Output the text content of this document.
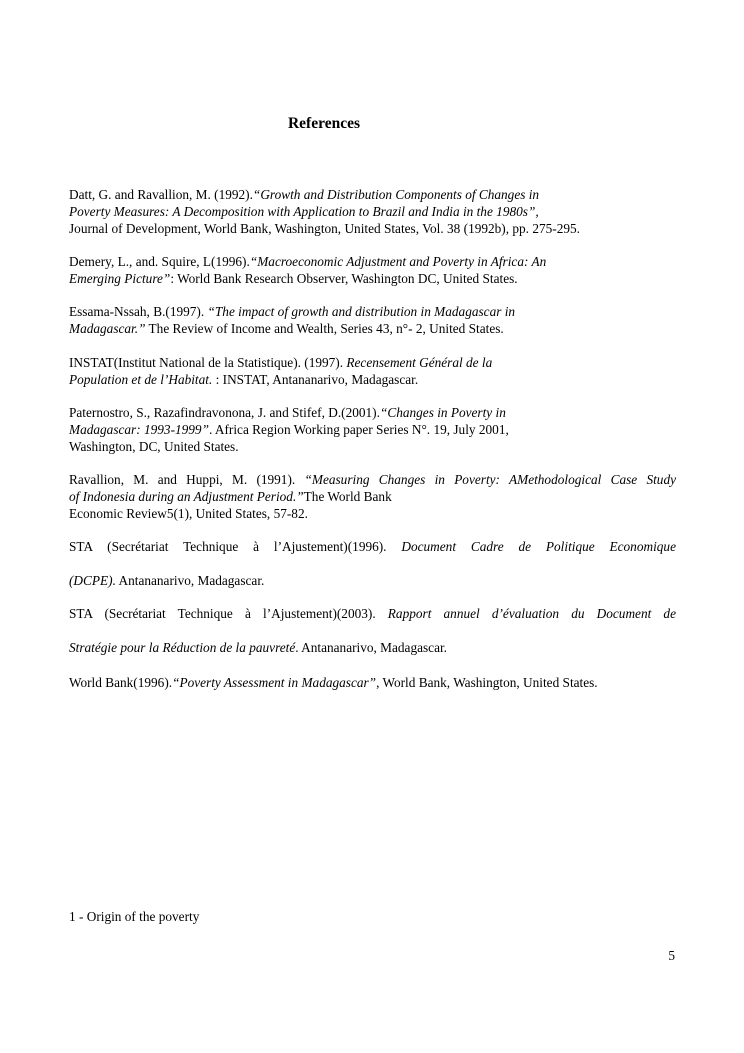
References
Datt, G. and Ravallion, M. (1992).“Growth and Distribution Components of Changes in
Poverty Measures: A Decomposition with Application to Brazil and India in the 1980s”,
Journal of Development, World Bank, Washington, United States, Vol. 38 (1992b), pp. 275-295.
Demery, L., and. Squire, L(1996).“Macroeconomic Adjustment and Poverty in Africa: An
Emerging Picture”: World Bank Research Observer, Washington DC, United States.
Essama-Nssah, B.(1997). “The impact of growth and distribution in Madagascar in
Madagascar.” The Review of Income and Wealth, Series 43, n°- 2, United States.
INSTAT(Institut National de la Statistique). (1997). Recensement Général de la
Population et de l’Habitat. : INSTAT, Antananarivo, Madagascar.
Paternostro, S., Razafindravononа, J. and Stifef, D.(2001).“Changes in Poverty in
Madagascar: 1993-1999”. Africa Region Working paper Series N°. 19, July 2001,
Washington, DC, United States.
Ravallion, M. and Huppi, M. (1991). “Measuring Changes in Poverty: AMethodological Case Study
of Indonesia during an Adjustment Period.”The World Bank
Economic Review5(1), United States, 57-82.
STA (Secrétariat Technique à l’Ajustement)(1996). Document Cadre de Politique Economique
(DCPE). Antananarivo, Madagascar.
STA (Secrétariat Technique à l’Ajustement)(2003). Rapport annuel d’évaluation du Document de
Stratégie pour la Réduction de la pauvreté. Antananarivo, Madagascar.
World Bank(1996).“Poverty Assessment in Madagascar”, World Bank, Washington, United States.
1 - Origin of the poverty
5
